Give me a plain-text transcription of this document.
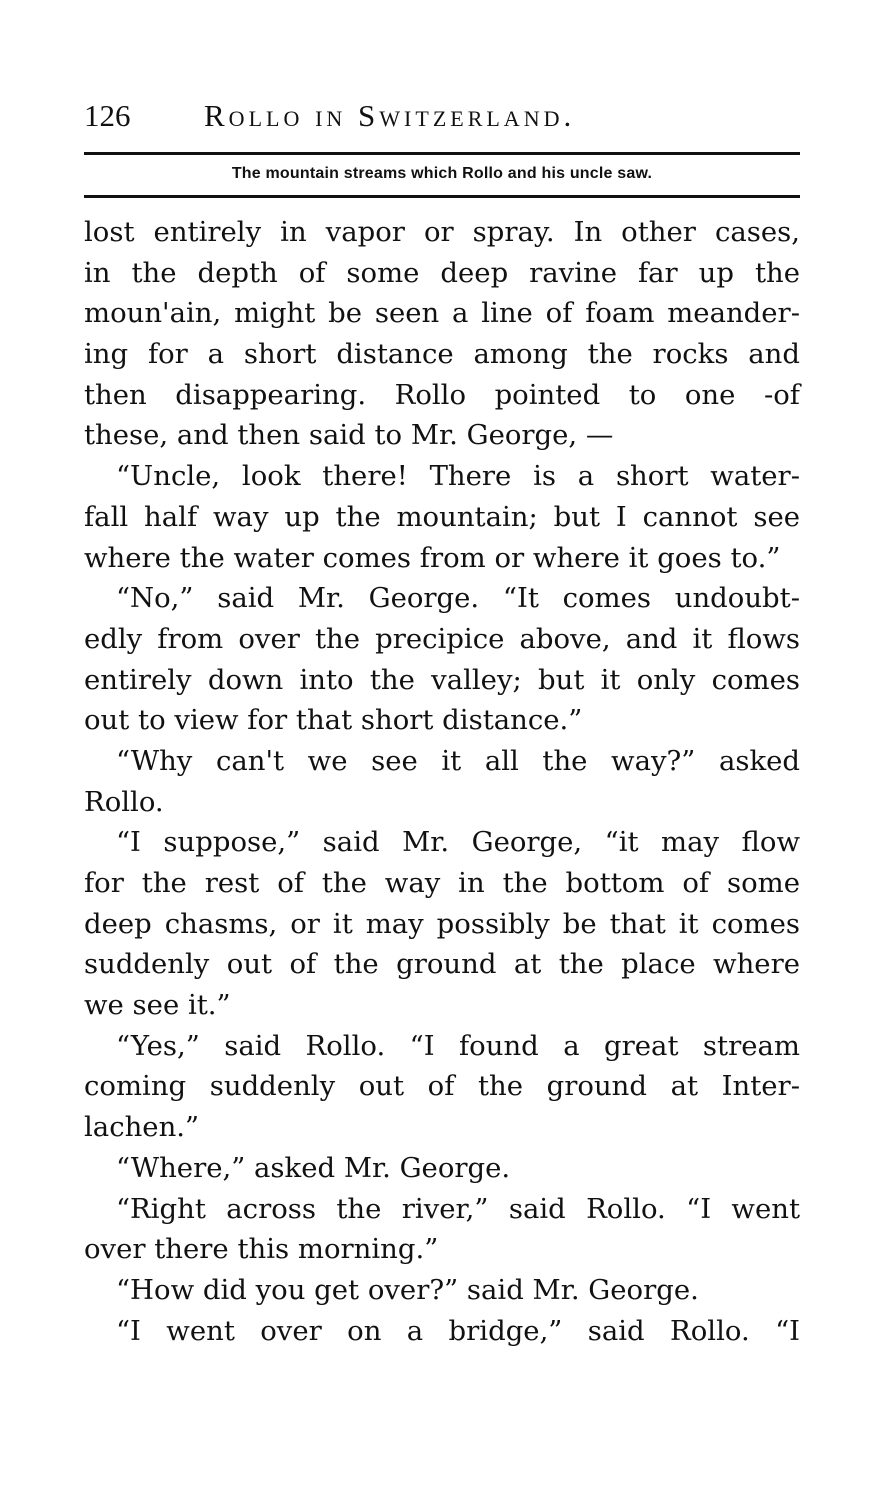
126 Rollo in Switzerland.
The mountain streams which Rollo and his uncle saw.
lost entirely in vapor or spray. In other cases,
in the depth of some deep ravine far up the
moun'ain, might be seen a line of foam meander-
ing for a short distance among the rocks and
then disappearing. Rollo pointed to one -of
these, and then said to Mr. George, —
“Uncle, look there! There is a short water-
fall half way up the mountain; but I cannot see
where the water comes from or where it goes to.”
“No,” said Mr. George. “It comes undoubt-
edly from over the precipice above, and it flows
entirely down into the valley; but it only comes
out to view for that short distance.”
“Why can't we see it all the way?” asked
Rollo.
“I suppose,” said Mr. George, “it may flow
for the rest of the way in the bottom of some
deep chasms, or it may possibly be that it comes
suddenly out of the ground at the place where
we see it.”
“Yes,” said Rollo. “I found a great stream
coming suddenly out of the ground at Inter-
lachen.”
“Where,” asked Mr. George.
“Right across the river,” said Rollo. “I went
over there this morning.”
“How did you get over?” said Mr. George.
“I went over on a bridge,” said Rollo. “I
